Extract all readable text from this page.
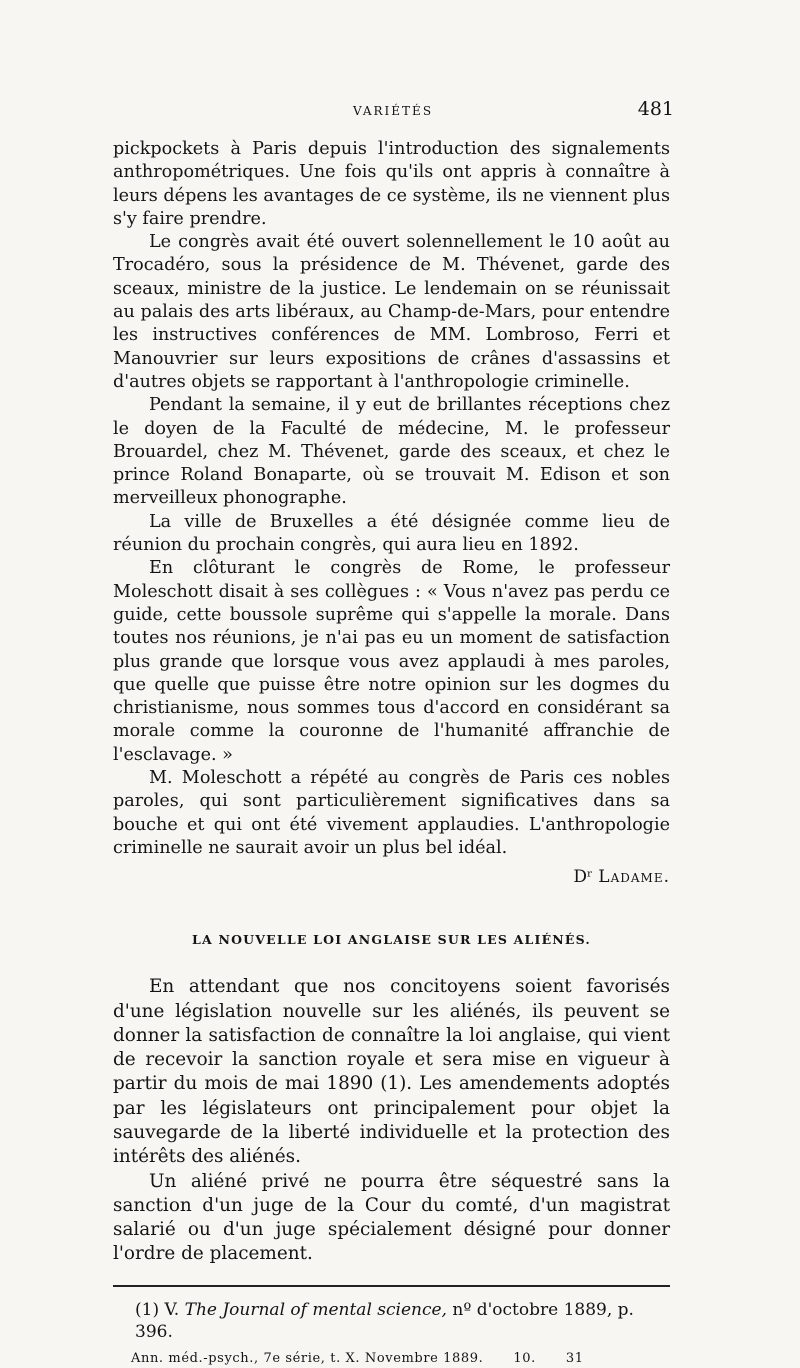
VARIÉTÉS	481

pickpockets à Paris depuis l'introduction des signalements anthropométriques. Une fois qu'ils ont appris à connaître à leurs dépens les avantages de ce système, ils ne viennent plus s'y faire prendre.

Le congrès avait été ouvert solennellement le 10 août au Trocadéro, sous la présidence de M. Thévenet, garde des sceaux, ministre de la justice. Le lendemain on se réunissait au palais des arts libéraux, au Champ-de-Mars, pour entendre les instructives conférences de MM. Lombroso, Ferri et Manouvrier sur leurs expositions de crânes d'assassins et d'autres objets se rapportant à l'anthropologie criminelle.

Pendant la semaine, il y eut de brillantes réceptions chez le doyen de la Faculté de médecine, M. le professeur Brouardel, chez M. Thévenet, garde des sceaux, et chez le prince Roland Bonaparte, où se trouvait M. Edison et son merveilleux phonographe.

La ville de Bruxelles a été désignée comme lieu de réunion du prochain congrès, qui aura lieu en 1892.

En clôturant le congrès de Rome, le professeur Moleschott disait à ses collègues : « Vous n'avez pas perdu ce guide, cette boussole suprême qui s'appelle la morale. Dans toutes nos réunions, je n'ai pas eu un moment de satisfaction plus grande que lorsque vous avez applaudi à mes paroles, que quelle que puisse être notre opinion sur les dogmes du christianisme, nous sommes tous d'accord en considérant sa morale comme la couronne de l'humanité affranchie de l'esclavage. »

M. Moleschott a répété au congrès de Paris ces nobles paroles, qui sont particulièrement significatives dans sa bouche et qui ont été vivement applaudies. L'anthropologie criminelle ne saurait avoir un plus bel idéal.

Dʳ Ladame.
LA NOUVELLE LOI ANGLAISE SUR LES ALIÉNÉS.

En attendant que nos concitoyens soient favorisés d'une législation nouvelle sur les aliénés, ils peuvent se donner la satisfaction de connaître la loi anglaise, qui vient de recevoir la sanction royale et sera mise en vigueur à partir du mois de mai 1890 (1). Les amendements adoptés par les législateurs ont principalement pour objet la sauvegarde de la liberté individuelle et la protection des intérêts des aliénés.

Un aliéné privé ne pourra être séquestré sans la sanction d'un juge de la Cour du comté, d'un magistrat salarié ou d'un juge spécialement désigné pour donner l'ordre de placement.

(1) V. The Journal of mental science, nº d'octobre 1889, p. 396.
Ann. méd.-psych., 7e série, t. X. Novembre 1889. 10. 31
